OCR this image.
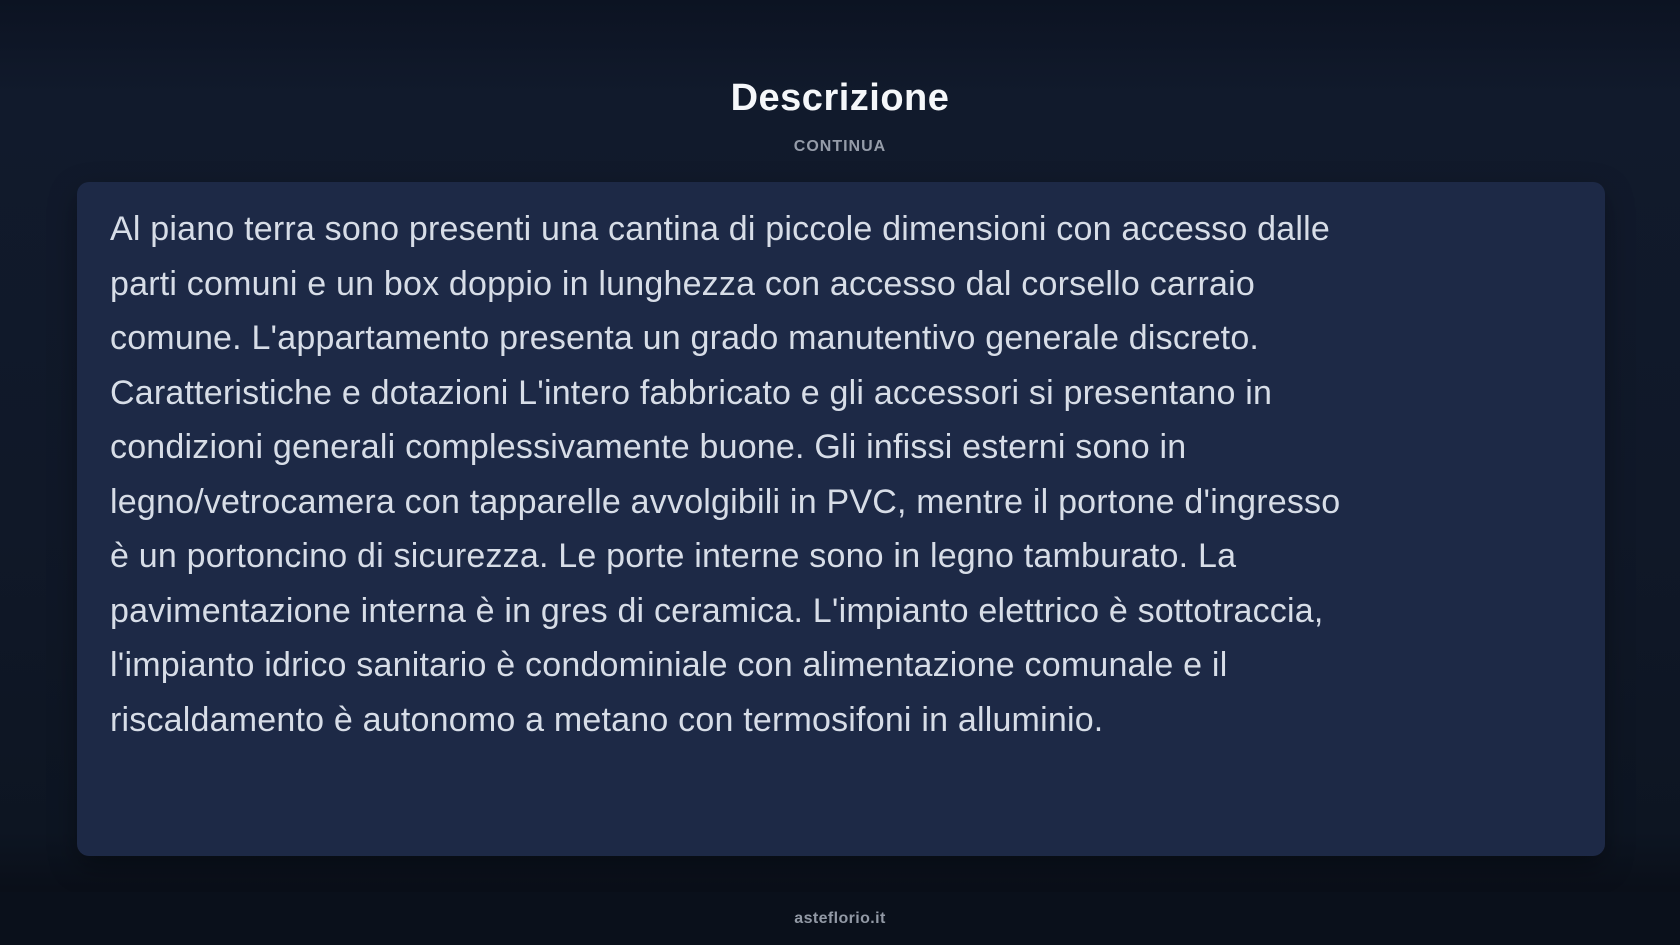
Descrizione
CONTINUA
Al piano terra sono presenti una cantina di piccole dimensioni con accesso dalle
parti comuni e un box doppio in lunghezza con accesso dal corsello carraio
comune. L'appartamento presenta un grado manutentivo generale discreto.
Caratteristiche e dotazioni L'intero fabbricato e gli accessori si presentano in
condizioni generali complessivamente buone. Gli infissi esterni sono in
legno/vetrocamera con tapparelle avvolgibili in PVC, mentre il portone d'ingresso
è un portoncino di sicurezza. Le porte interne sono in legno tamburato. La
pavimentazione interna è in gres di ceramica. L'impianto elettrico è sottotraccia,
l'impianto idrico sanitario è condominiale con alimentazione comunale e il
riscaldamento è autonomo a metano con termosifoni in alluminio.
asteflorio.it
